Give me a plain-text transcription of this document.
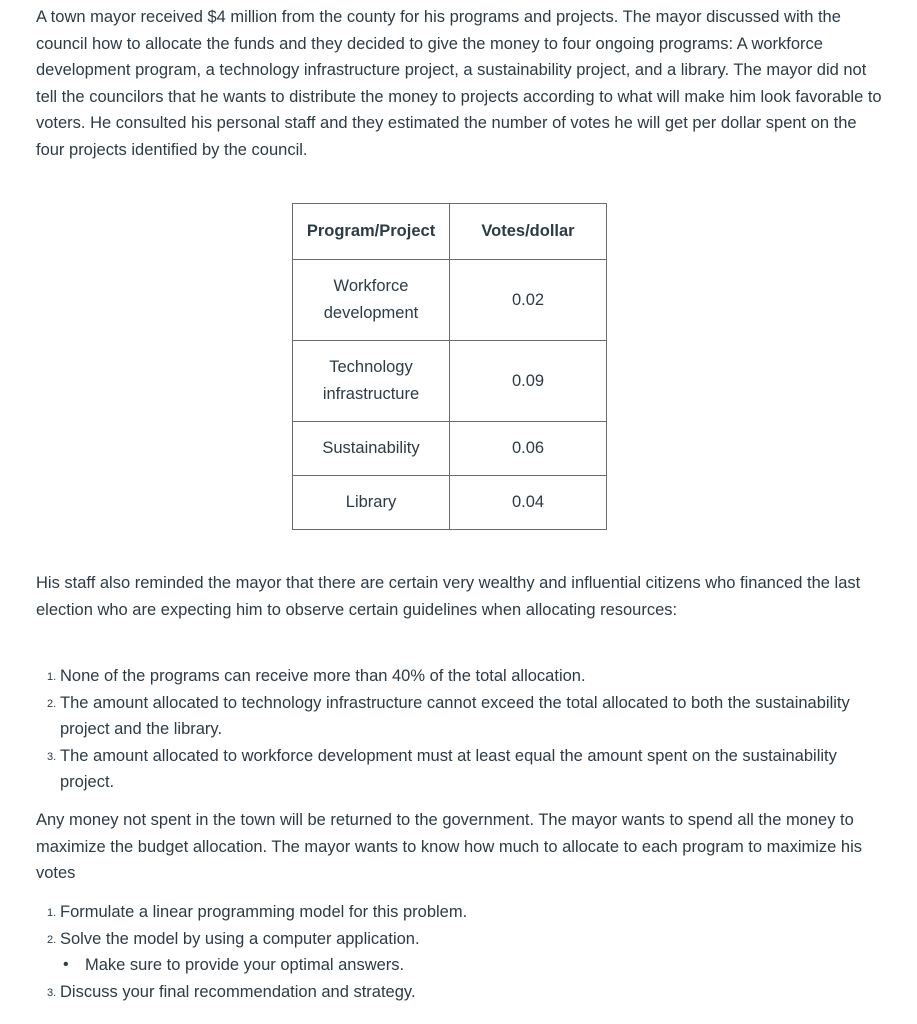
A town mayor received $4 million from the county for his programs and projects. The mayor discussed with the council how to allocate the funds and they decided to give the money to four ongoing programs: A workforce development program, a technology infrastructure project, a sustainability project, and a library. The mayor did not tell the councilors that he wants to distribute the money to projects according to what will make him look favorable to voters. He consulted his personal staff and they estimated the number of votes he will get per dollar spent on the four projects identified by the council.

Program/Project	Votes/dollar
Workforce development	0.02
Technology infrastructure	0.09
Sustainability	0.06
Library	0.04

His staff also reminded the mayor that there are certain very wealthy and influential citizens who financed the last election who are expecting him to observe certain guidelines when allocating resources:

1. None of the programs can receive more than 40% of the total allocation.
2. The amount allocated to technology infrastructure cannot exceed the total allocated to both the sustainability project and the library.
3. The amount allocated to workforce development must at least equal the amount spent on the sustainability project.

Any money not spent in the town will be returned to the government. The mayor wants to spend all the money to maximize the budget allocation. The mayor wants to know how much to allocate to each program to maximize his votes

1. Formulate a linear programming model for this problem.
2. Solve the model by using a computer application.
• Make sure to provide your optimal answers.
3. Discuss your final recommendation and strategy.
